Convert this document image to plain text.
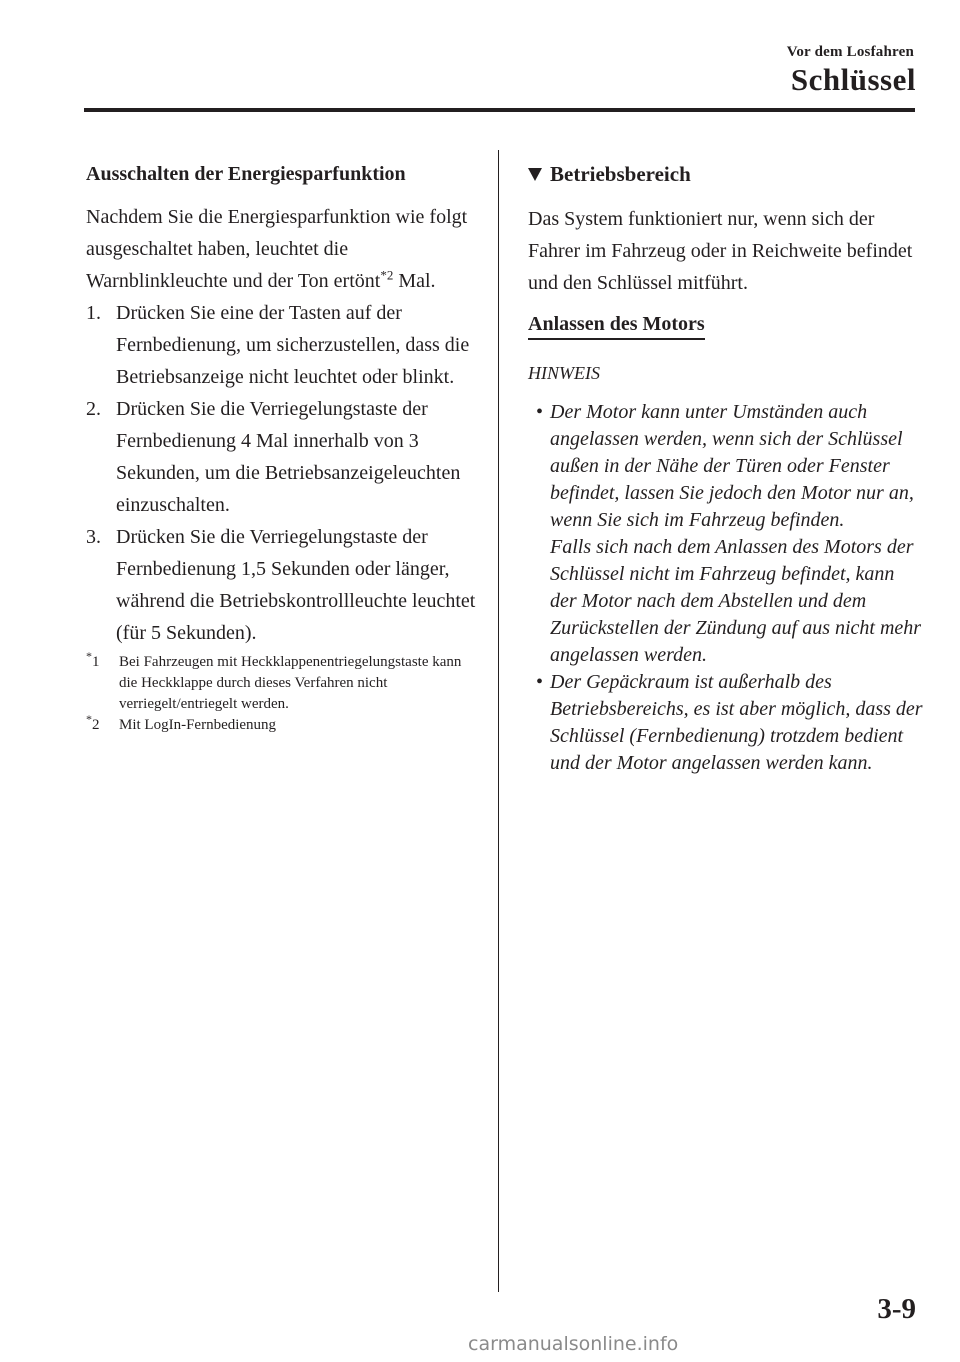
Vor dem Losfahren
Schlüssel

Ausschalten der Energiesparfunktion

Nachdem Sie die Energiesparfunktion wie folgt ausgeschaltet haben, leuchtet die Warnblinkleuchte und der Ton ertönt$^{*2}$ Mal.

1. Drücken Sie eine der Tasten auf der Fernbedienung, um sicherzustellen, dass die Betriebsanzeige nicht leuchtet oder blinkt.
2. Drücken Sie die Verriegelungstaste der Fernbedienung 4 Mal innerhalb von 3 Sekunden, um die Betriebsanzeigeleuchten einzuschalten.
3. Drücken Sie die Verriegelungstaste der Fernbedienung 1,5 Sekunden oder länger, während die Betriebskontrollleuchte leuchtet (für 5 Sekunden).
*1 Bei Fahrzeugen mit Heckklappenentriegelungstaste kann die Heckklappe durch dieses Verfahren nicht verriegelt/entriegelt werden.
*2 Mit LogIn-Fernbedienung

Betriebsbereich

Das System funktioniert nur, wenn sich der Fahrer im Fahrzeug oder in Reichweite befindet und den Schlüssel mitführt.

Anlassen des Motors

HINWEIS

• Der Motor kann unter Umständen auch angelassen werden, wenn sich der Schlüssel außen in der Nähe der Türen oder Fenster befindet, lassen Sie jedoch den Motor nur an, wenn Sie sich im Fahrzeug befinden.
Falls sich nach dem Anlassen des Motors der Schlüssel nicht im Fahrzeug befindet, kann der Motor nach dem Abstellen und dem Zurückstellen der Zündung auf aus nicht mehr angelassen werden.
• Der Gepäckraum ist außerhalb des Betriebsbereichs, es ist aber möglich, dass der Schlüssel (Fernbedienung) trotzdem bedient und der Motor angelassen werden kann.
3-9
carmanualsonline.info
